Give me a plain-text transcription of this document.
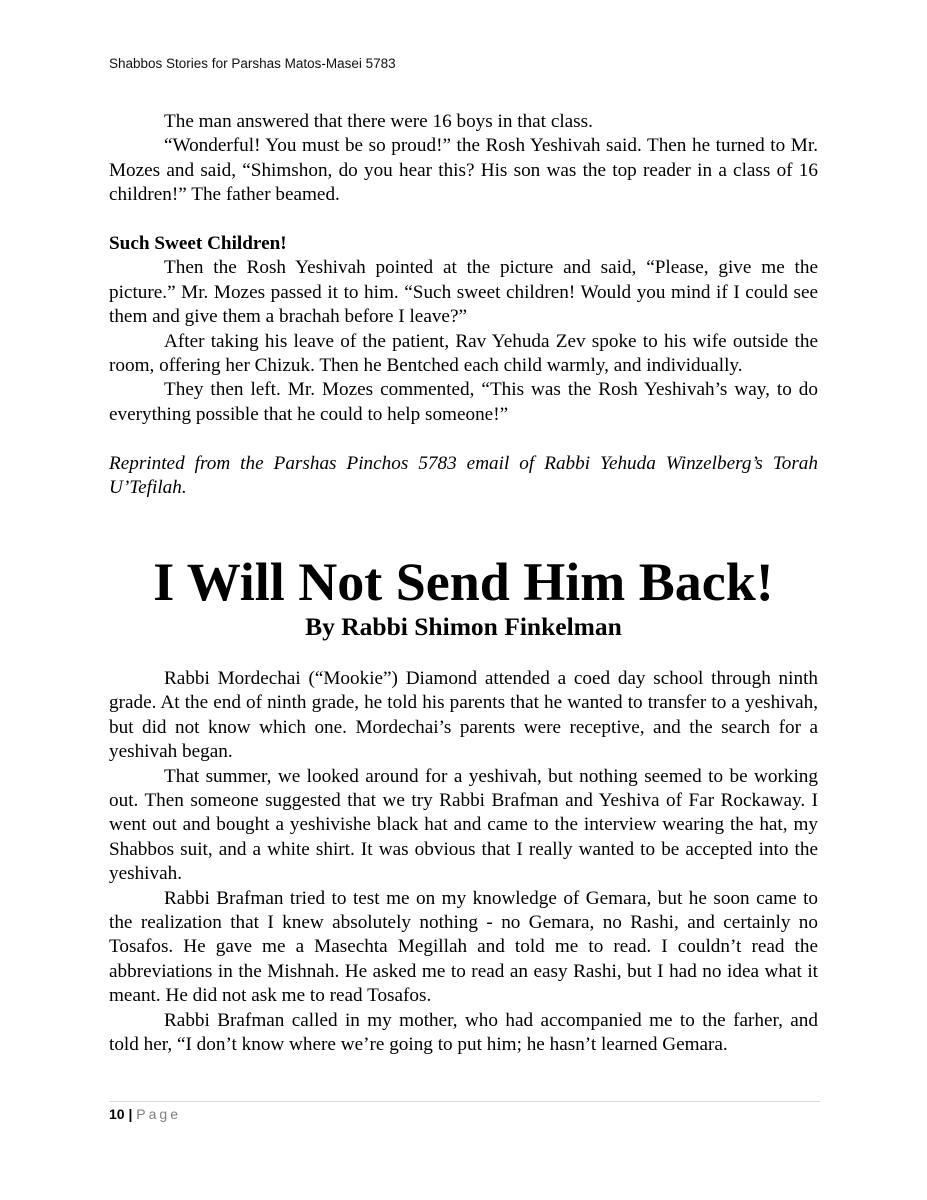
Shabbos Stories for Parshas Matos-Masei 5783

The man answered that there were 16 boys in that class.

“Wonderful! You must be so proud!” the Rosh Yeshivah said. Then he turned to Mr. Mozes and said, “Shimshon, do you hear this? His son was the top reader in a class of 16 children!” The father beamed.

Such Sweet Children!

Then the Rosh Yeshivah pointed at the picture and said, “Please, give me the picture.” Mr. Mozes passed it to him. “Such sweet children! Would you mind if I could see them and give them a brachah before I leave?”

After taking his leave of the patient, Rav Yehuda Zev spoke to his wife outside the room, offering her Chizuk. Then he Bentched each child warmly, and individually.

They then left. Mr. Mozes commented, “This was the Rosh Yeshivah’s way, to do everything possible that he could to help someone!”

Reprinted from the Parshas Pinchos 5783 email of Rabbi Yehuda Winzelberg’s Torah U’Tefilah.

I Will Not Send Him Back!
By Rabbi Shimon Finkelman

Rabbi Mordechai (“Mookie”) Diamond attended a coed day school through ninth grade. At the end of ninth grade, he told his parents that he wanted to transfer to a yeshivah, but did not know which one. Mordechai’s parents were receptive, and the search for a yeshivah began.

That summer, we looked around for a yeshivah, but nothing seemed to be working out. Then someone suggested that we try Rabbi Brafman and Yeshiva of Far Rockaway. I went out and bought a yeshivishe black hat and came to the interview wearing the hat, my Shabbos suit, and a white shirt. It was obvious that I really wanted to be accepted into the yeshivah.

Rabbi Brafman tried to test me on my knowledge of Gemara, but he soon came to the realization that I knew absolutely nothing - no Gemara, no Rashi, and certainly no Tosafos. He gave me a Masechta Megillah and told me to read. I couldn’t read the abbreviations in the Mishnah. He asked me to read an easy Rashi, but I had no idea what it meant. He did not ask me to read Tosafos.

Rabbi Brafman called in my mother, who had accompanied me to the farher, and told her, “I don’t know where we’re going to put him; he hasn’t learned Gemara.

10 | Page
